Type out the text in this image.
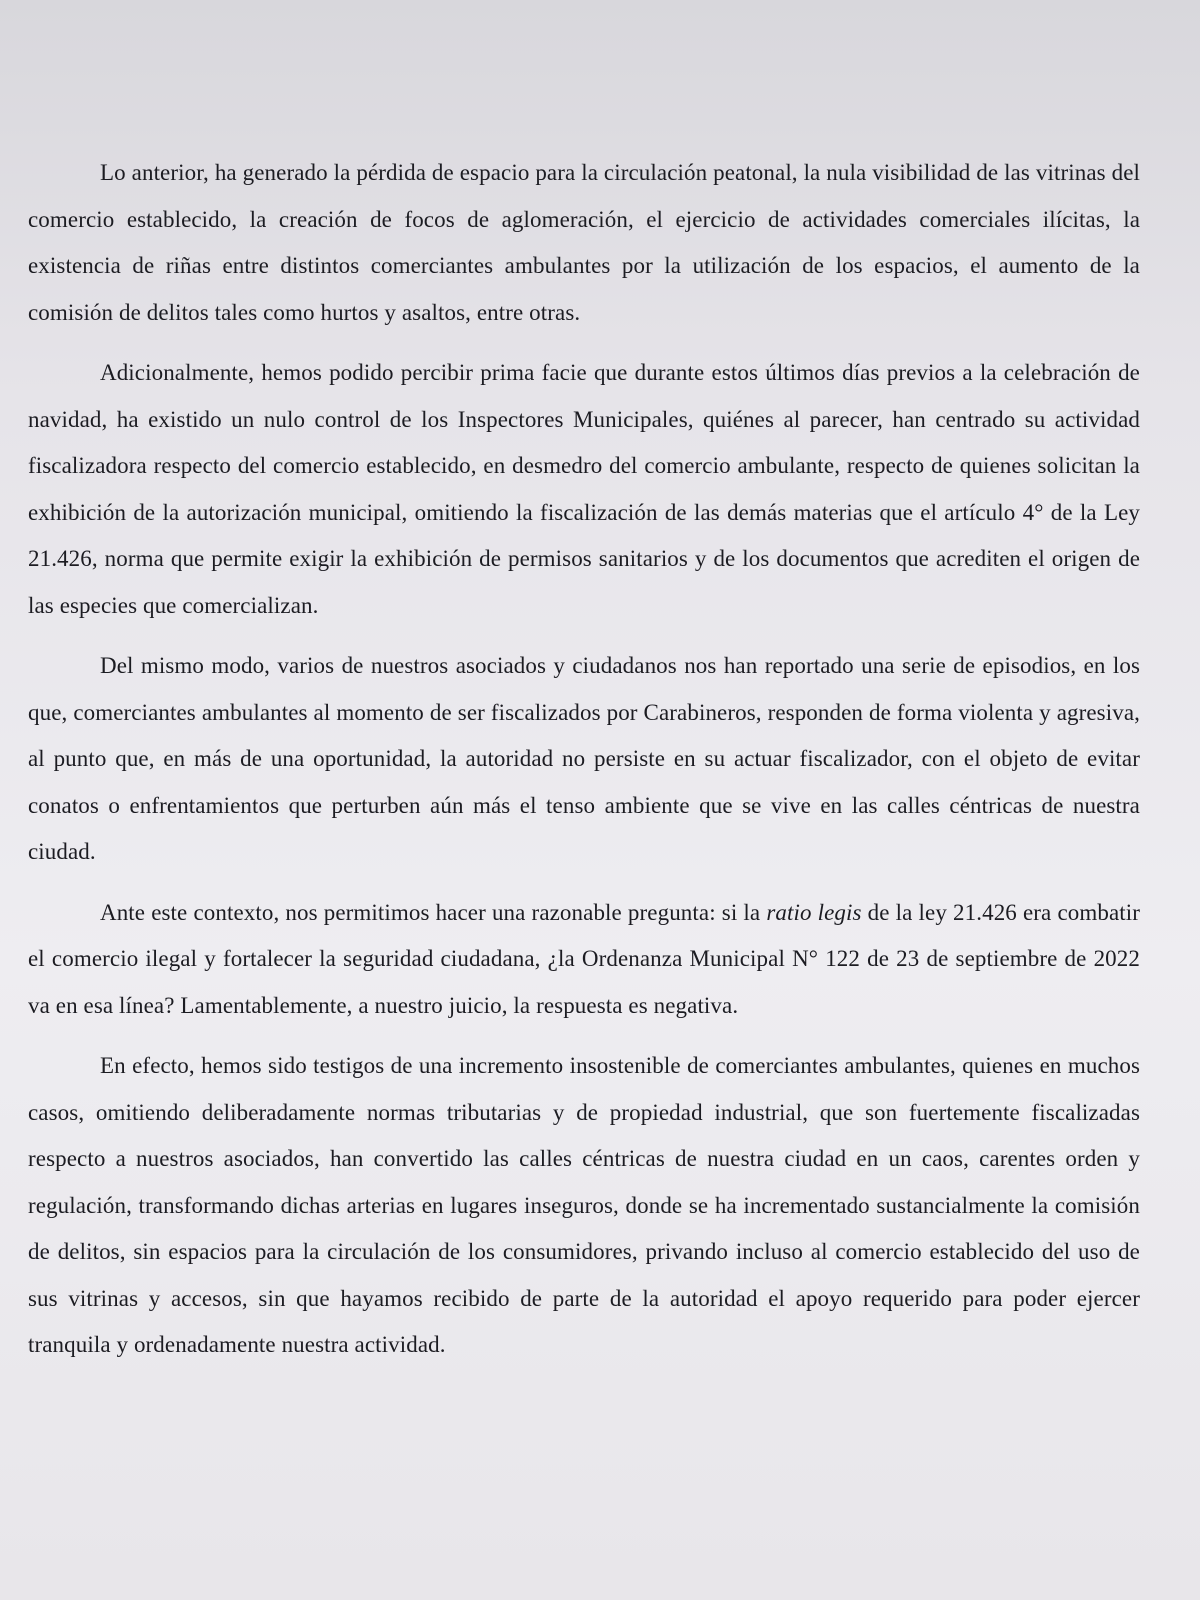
Lo anterior, ha generado la pérdida de espacio para la circulación peatonal, la nula visibilidad de las vitrinas del comercio establecido, la creación de focos de aglomeración, el ejercicio de actividades comerciales ilícitas, la existencia de riñas entre distintos comerciantes ambulantes por la utilización de los espacios, el aumento de la comisión de delitos tales como hurtos y asaltos, entre otras.

Adicionalmente, hemos podido percibir prima facie que durante estos últimos días previos a la celebración de navidad, ha existido un nulo control de los Inspectores Municipales, quiénes al parecer, han centrado su actividad fiscalizadora respecto del comercio establecido, en desmedro del comercio ambulante, respecto de quienes solicitan la exhibición de la autorización municipal, omitiendo la fiscalización de las demás materias que el artículo 4° de la Ley 21.426, norma que permite exigir la exhibición de permisos sanitarios y de los documentos que acrediten el origen de las especies que comercializan.

Del mismo modo, varios de nuestros asociados y ciudadanos nos han reportado una serie de episodios, en los que, comerciantes ambulantes al momento de ser fiscalizados por Carabineros, responden de forma violenta y agresiva, al punto que, en más de una oportunidad, la autoridad no persiste en su actuar fiscalizador, con el objeto de evitar conatos o enfrentamientos que perturben aún más el tenso ambiente que se vive en las calles céntricas de nuestra ciudad.

Ante este contexto, nos permitimos hacer una razonable pregunta: si la ratio legis de la ley 21.426 era combatir el comercio ilegal y fortalecer la seguridad ciudadana, ¿la Ordenanza Municipal N° 122 de 23 de septiembre de 2022 va en esa línea? Lamentablemente, a nuestro juicio, la respuesta es negativa.

En efecto, hemos sido testigos de una incremento insostenible de comerciantes ambulantes, quienes en muchos casos, omitiendo deliberadamente normas tributarias y de propiedad industrial, que son fuertemente fiscalizadas respecto a nuestros asociados, han convertido las calles céntricas de nuestra ciudad en un caos, carentes orden y regulación, transformando dichas arterias en lugares inseguros, donde se ha incrementado sustancialmente la comisión de delitos, sin espacios para la circulación de los consumidores, privando incluso al comercio establecido del uso de sus vitrinas y accesos, sin que hayamos recibido de parte de la autoridad el apoyo requerido para poder ejercer tranquila y ordenadamente nuestra actividad.
